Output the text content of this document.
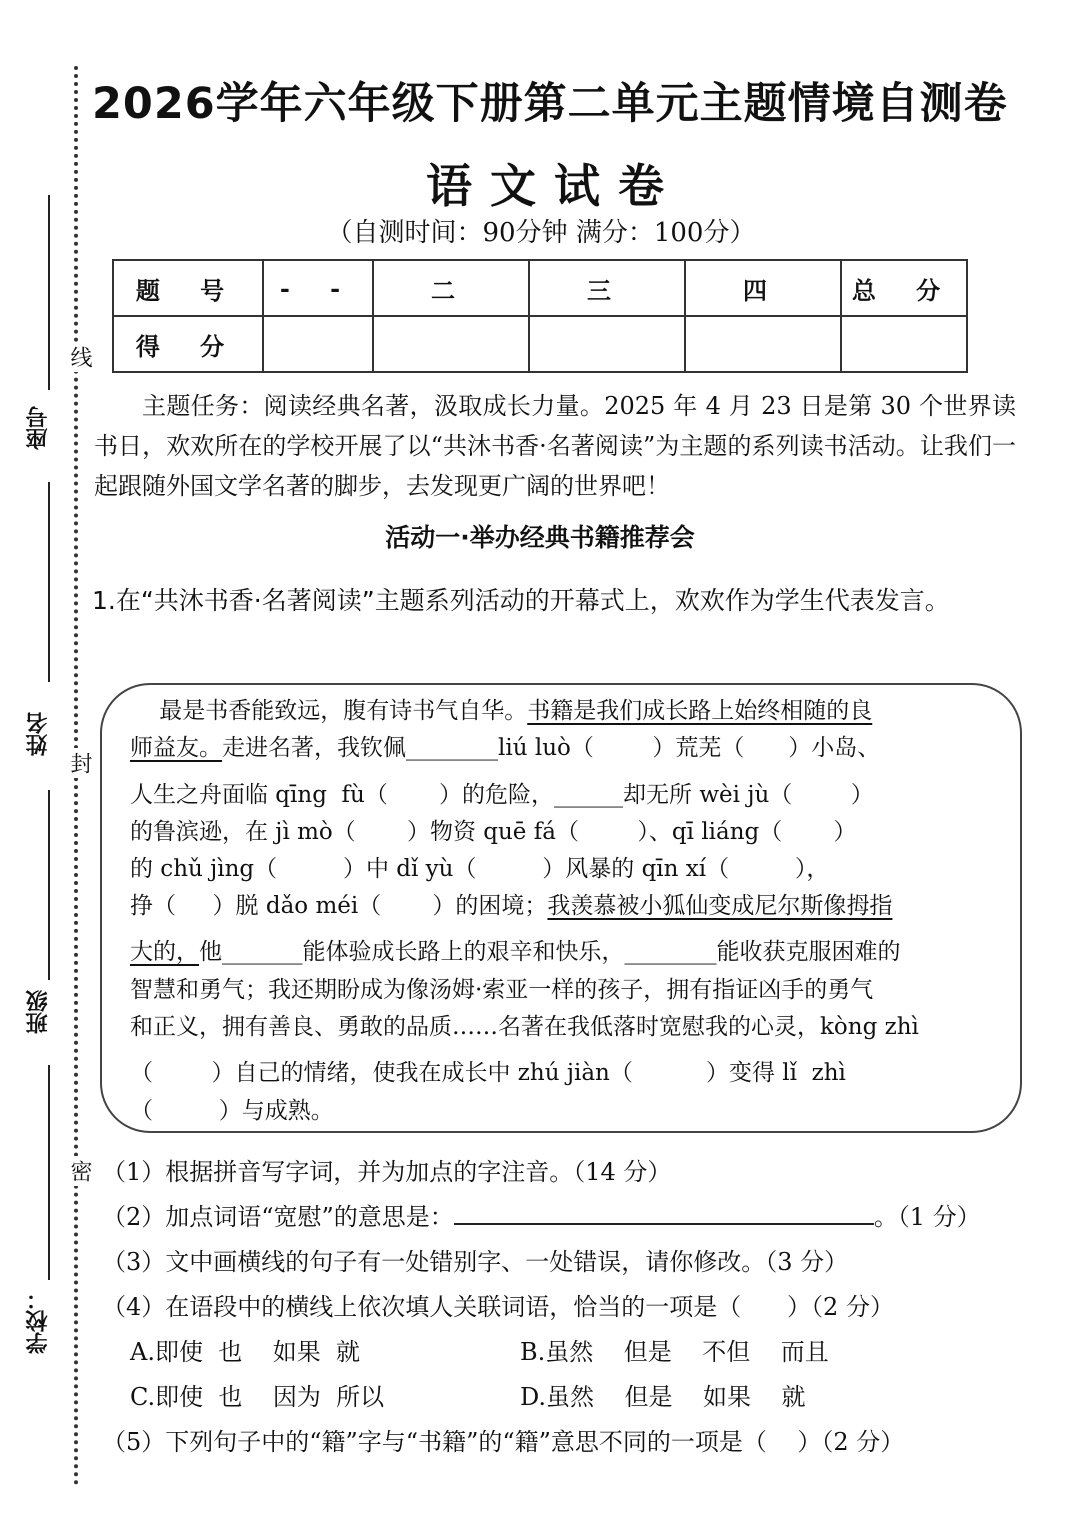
座号
姓名
班级
学校：
线
封
密
2026学年六年级下册第二单元主题情境自测卷
语文试卷
（自测时间：90分钟 满分：100分）
题 号	- -	二	三	四	总 分
得 分					
主题任务：阅读经典名著，汲取成长力量。2025 年 4 月 23 日是第 30 个世界读书日，欢欢所在的学校开展了以“共沐书香·名著阅读”为主题的系列读书活动。让我们一起跟随外国文学名著的脚步，去发现更广阔的世界吧！
活动一·举办经典书籍推荐会
1.在“共沐书香·名著阅读”主题系列活动的开幕式上，欢欢作为学生代表发言。
最是书香能致远，腹有诗书气自华。书籍是我们成长路上始终相随的良
师益友。走进名著，我钦佩________liú luò（        ）荒芜（      ）小岛、
人生之舟面临 qīng  fù（       ）的危险，______却无所 wèi jù（        ）
的鲁滨逊，在 jì mò（       ）物资 quē fá（        ）、qī liáng（       ）
的 chǔ jìng（         ）中 dǐ yù（         ）风暴的 qīn xí（         ），
挣（     ）脱 dǎo méi（       ）的困境；我羡慕被小狐仙变成尼尔斯像拇指
大的，他_______能体验成长路上的艰辛和快乐，________能收获克服困难的
智慧和勇气；我还期盼成为像汤姆·索亚一样的孩子，拥有指证凶手的勇气
和正义，拥有善良、勇敢的品质……名著在我低落时宽慰我的心灵，kòng zhì
（        ）自己的情绪，使我在成长中 zhú jiàn（          ）变得 lǐ  zhì
（         ）与成熟。
（1）根据拼音写字词，并为加点的字注音。（14 分）
（2）加点词语“宽慰”的意思是：	。（1 分）
（3）文中画横线的句子有一处错别字、一处错误，请你修改。（3 分）
（4）在语段中的横线上依次填人关联词语，恰当的一项是（      ）（2 分）
A.即使  也    如果  就	B.虽然    但是    不但    而且
C.即使  也    因为  所以	D.虽然    但是    如果    就
（5）下列句子中的“籍”字与“书籍”的“籍”意思不同的一项是（    ）（2 分）
